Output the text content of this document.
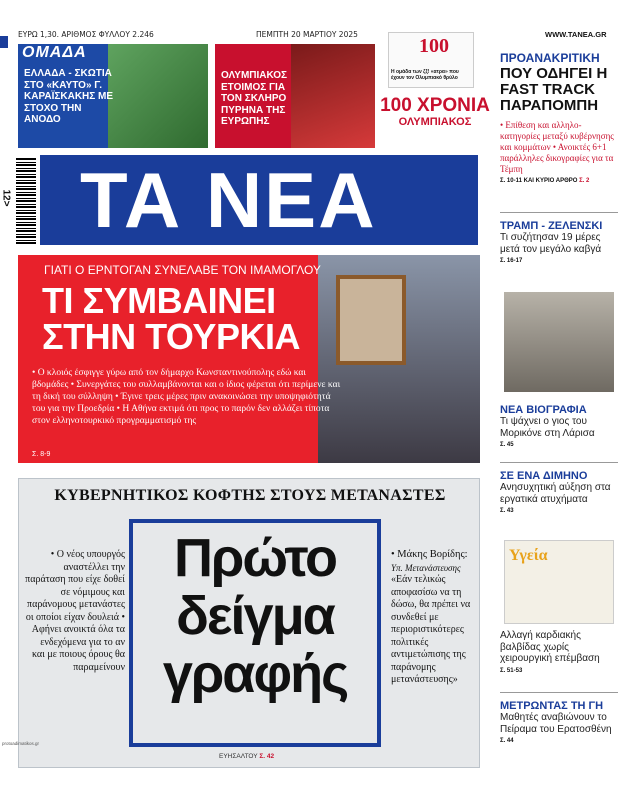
ΕΥΡΩ 1,30. ΑΡΙΘΜΟΣ ΦΥΛΛΟΥ 2.246	ΠΕΜΠΤΗ 20 ΜΑΡΤΙΟΥ 2025	WWW.TANEA.GR
ΟΜΑΔΑ
ΕΛΛΑΔΑ - ΣΚΩΤΙΑ ΣΤΟ «ΚΑΥΤΟ» Γ. ΚΑΡΑΪΣΚΑΚΗΣ ΜΕ ΣΤΟΧΟ ΤΗΝ ΑΝΟΔΟ
ΟΛΥΜΠΙΑΚΟΣ ΕΤΟΙΜΟΣ ΓΙΑ ΤΟΝ ΣΚΛΗΡΟ ΠΥΡΗΝΑ ΤΗΣ ΕΥΡΩΠΗΣ
100
Η ομάδα των ζξ! «ατρα» που έχουν τον Ολυμπιακό θρύλο
100 ΧΡΟΝΙΑ
ΟΛΥΜΠΙΑΚΟΣ
12> ΤΑ ΝΕΑ
ΓΙΑΤΙ Ο ΕΡΝΤΟΓΑΝ ΣΥΝΕΛΑΒΕ ΤΟΝ ΙΜΑΜΟΓΛΟΥ
ΤΙ ΣΥΜΒΑΙΝΕΙ
ΣΤΗΝ ΤΟΥΡΚΙΑ
• Ο κλοιός έσφιγγε γύρω από τον δήμαρχο Κωνσταντινούπολης εδώ και βδομάδες • Συνεργάτες του συλλαμβάνονται και ο ίδιος φέρεται ότι περίμενε και τη δική του σύλληψη • Έγινε τρεις μέρες πριν ανακοινώσει την υποψηφιότητά του για την Προεδρία • Η Αθήνα εκτιμά ότι προς το παρόν δεν αλλάζει τίποτα στον ελληνοτουρκικό προγραμματισμό της
Σ. 8-9
ΚΥΒΕΡΝΗΤΙΚΟΣ ΚΟΦΤΗΣ ΣΤΟΥΣ ΜΕΤΑΝΑΣΤΕΣ
• Ο νέος υπουργός αναστέλλει την παράταση που είχε δοθεί σε νόμιμους και παράνομους μετανάστες οι οποίοι είχαν δουλειά • Αφήνει ανοικτά όλα τα ενδεχόμενα για το αν και με ποιους όρους θα παραμείνουν
Πρώτο
δείγμα
γραφής
• Μάκης Βορίδης:
Υπ. Μετανάστευσης
«Εάν τελικώς αποφασίσω να τη δώσω, θα πρέπει να συνδεθεί με περιοριστικότερες πολιτικές αντιμετώπισης της παράνομης μετανάστευσης»
ΕΥΗΣΑΛΤΟΥ Σ. 42
protoadimatikos.gr
ΠΡΟΑΝΑΚΡΙΤΙΚΗ
ΠΟΥ ΟΔΗΓΕΙ Η FAST TRACK ΠΑΡΑΠΟΜΠΗ
• Επίθεση και αλληλο-κατηγορίες μεταξύ κυβέρνησης και κομμάτων • Ανοικτές 6+1 παράλληλες δικογραφίες για τα Τέμπη
Σ. 10-11 ΚΑΙ ΚΥΡΙΟ ΑΡΘΡΟ Σ. 2
ΤΡΑΜΠ - ΖΕΛΕΝΣΚΙ
Τι συζήτησαν 19 μέρες μετά τον μεγάλο καβγά
Σ. 16-17
ΝΕΑ ΒΙΟΓΡΑΦΙΑ
Τι ψάχνει ο γιος του Μορικόνε στη Λάρισα
Σ. 45
ΣΕ ΕΝΑ ΔΙΜΗΝΟ
Ανησυχητική αύξηση στα εργατικά ατυχήματα
Σ. 43
Υγεία
Αλλαγή καρδιακής βαλβίδας χωρίς χειρουργική επέμβαση
Σ. 51-53
ΜΕΤΡΩΝΤΑΣ ΤΗ ΓΗ
Μαθητές αναβιώνουν το Πείραμα του Ερατοσθένη
Σ. 44
